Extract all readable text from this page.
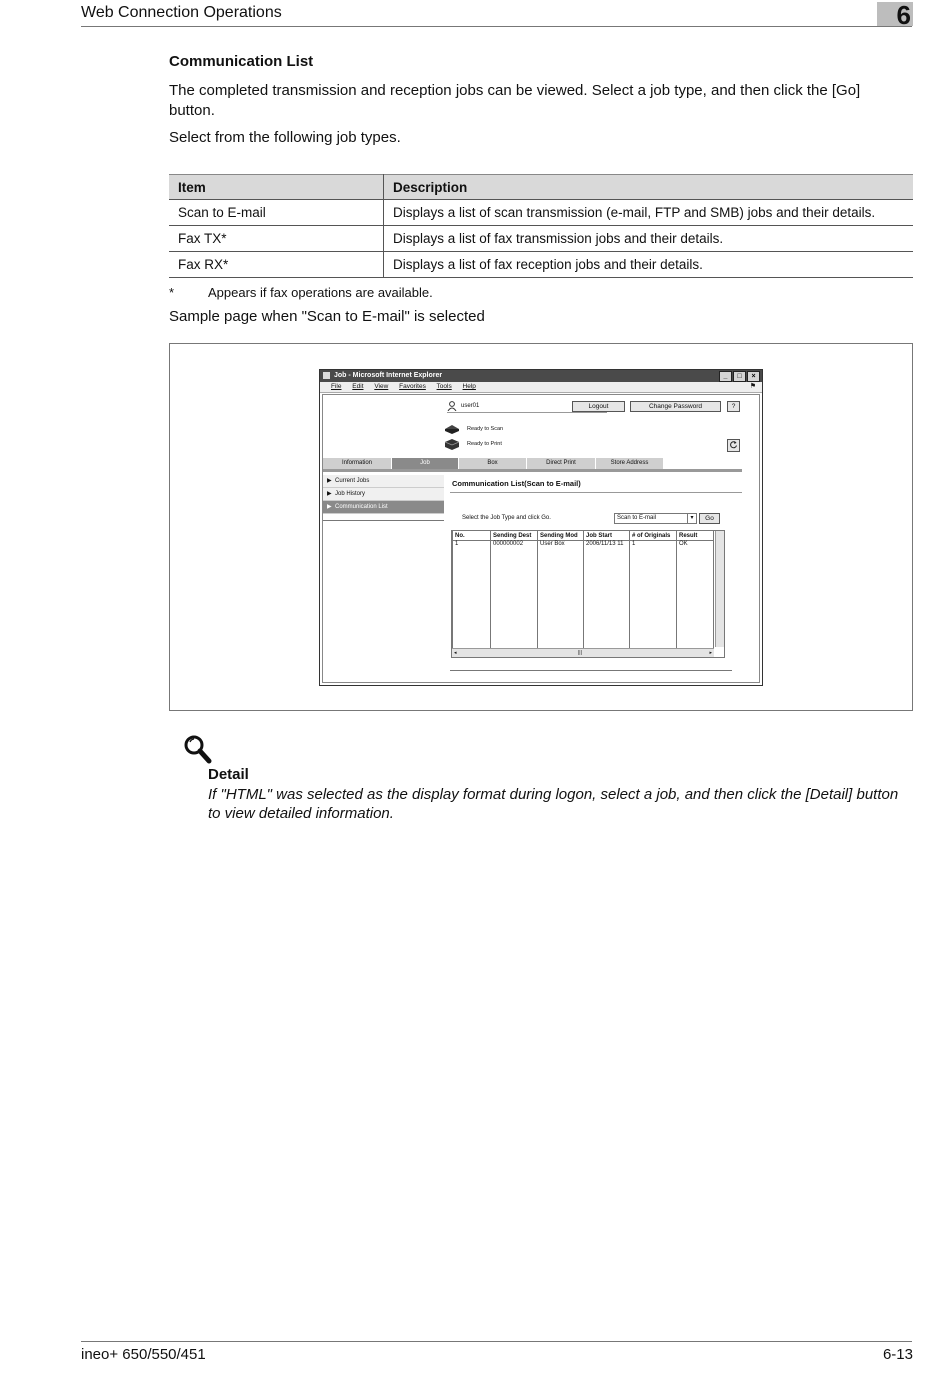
Web Connection Operations	6
Communication List
The completed transmission and reception jobs can be viewed. Select a job type, and then click the [Go] button.
Select from the following job types.
Item	Description
Scan to E-mail	Displays a list of scan transmission (e-mail, FTP and SMB) jobs and their details.
Fax TX*	Displays a list of fax transmission jobs and their details.
Fax RX*	Displays a list of fax reception jobs and their details.
*	Appears if fax operations are available.
Sample page when "Scan to E-mail" is selected
Job - Microsoft Internet Explorer	_	□	×
File Edit View Favorites Tools Help	⚑
user01	Logout	Change Password	?
Ready to Scan
Ready to Print
Information	Job	Box	Direct Print	Store Address
▶ Current Jobs
▶ Job History
▶ Communication List
Communication List(Scan to E-mail)
Select the Job Type and click Go.	Scan to E-mail	▾	Go
No.	Sending Dest	Sending Mod	Job Start	# of Originals	Result
1	000000002	User Box	2006/11/13 11	1	OK

◂	|||	▸
Detail
If "HTML" was selected as the display format during logon, select a job, and then click the [Detail] button to view detailed information.
ineo+ 650/550/451	6-13
